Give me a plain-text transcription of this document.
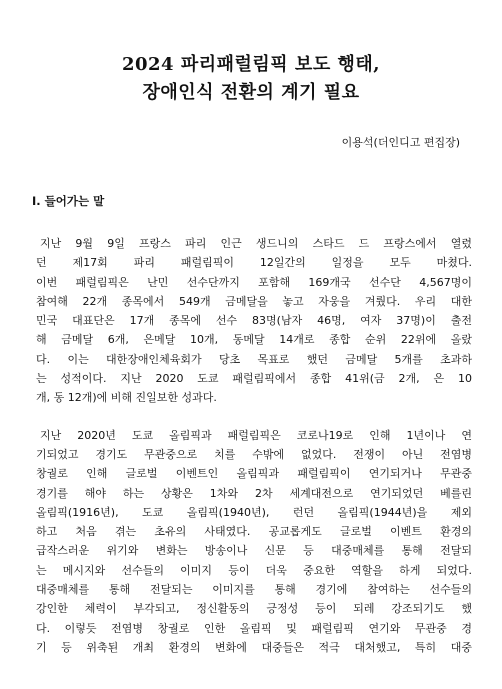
2024 파리패럴림픽 보도 행태,
장애인식 전환의 계기 필요
이용석(더인디고 편집장)
I. 들어가는 말
지난 9월 9일 프랑스 파리 인근 생드니의 스타드 드 프랑스에서 열렸
던 제17회 파리 패럴림픽이 12일간의 일정을 모두 마쳤다.
이번 패럴림픽은 난민 선수단까지 포함해 169개국 선수단 4,567명이
참여해 22개 종목에서 549개 금메달을 놓고 자웅을 겨뤘다. 우리 대한
민국 대표단은 17개 종목에 선수 83명(남자 46명, 여자 37명)이 출전
해 금메달 6개, 은메달 10개, 동메달 14개로 종합 순위 22위에 올랐
다. 이는 대한장애인체육회가 당초 목표로 했던 금메달 5개를 초과하
는 성적이다. 지난 2020 도쿄 패럴림픽에서 종합 41위(금 2개, 은 10
개, 동 12개)에 비해 진일보한 성과다.
지난 2020년 도쿄 올림픽과 패럴림픽은 코로나19로 인해 1년이나 연
기되었고 경기도 무관중으로 치를 수밖에 없었다. 전쟁이 아닌 전염병
창궐로 인해 글로벌 이벤트인 올림픽과 패럴림픽이 연기되거나 무관중
경기를 해야 하는 상황은 1차와 2차 세계대전으로 연기되었던 베를린
올림픽(1916년), 도쿄 올림픽(1940년), 런던 올림픽(1944년)을 제외
하고 처음 겪는 초유의 사태였다. 공교롭게도 글로벌 이벤트 환경의
급작스러운 위기와 변화는 방송이나 신문 등 대중매체를 통해 전달되
는 메시지와 선수들의 이미지 등이 더욱 중요한 역할을 하게 되었다.
대중매체를 통해 전달되는 이미지를 통해 경기에 참여하는 선수들의
강인한 체력이 부각되고, 정신활동의 긍정성 등이 되레 강조되기도 했
다. 이렇듯 전염병 창궐로 인한 올림픽 및 패럴림픽 연기와 무관중 경
기 등 위축된 개최 환경의 변화에 대중들은 적극 대처했고, 특히 대중
